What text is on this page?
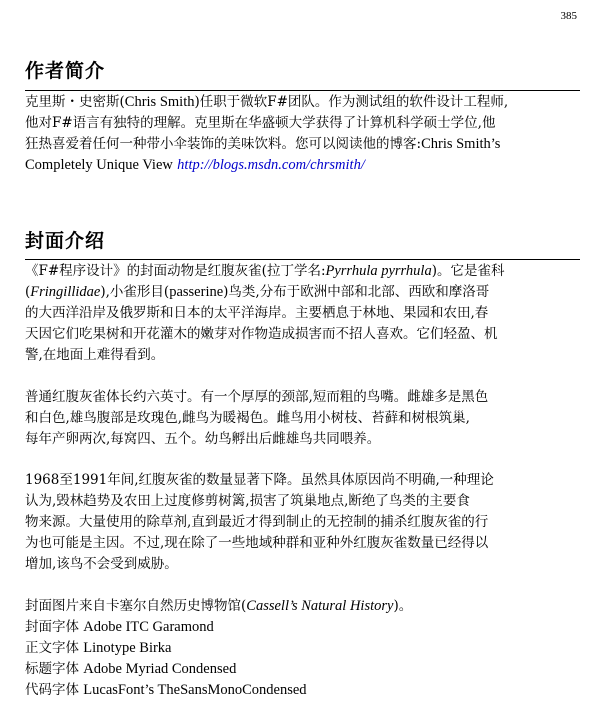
385
作者简介
克里斯・史密斯(Chris Smith)任职于微软F#团队。作为测试组的软件设计工程师,
他对F#语言有独特的理解。克里斯在华盛顿大学获得了计算机科学硕士学位,他
狂热喜爱着任何一种带小伞装饰的美味饮料。您可以阅读他的博客:Chris Smith’s
Completely Unique View http://blogs.msdn.com/chrsmith/
封面介绍
《F#程序设计》的封面动物是红腹灰雀(拉丁学名:Pyrrhula pyrrhula)。它是雀科
(Fringillidae),小雀形目(passerine)鸟类,分布于欧洲中部和北部、西欧和摩洛哥
的大西洋沿岸及俄罗斯和日本的太平洋海岸。主要栖息于林地、果园和农田,春
天因它们吃果树和开花灌木的嫩芽对作物造成损害而不招人喜欢。它们轻盈、机
警,在地面上难得看到。
普通红腹灰雀体长约六英寸。有一个厚厚的颈部,短而粗的鸟嘴。雌雄多是黑色
和白色,雄鸟腹部是玫瑰色,雌鸟为暖褐色。雌鸟用小树枝、苔藓和树根筑巢,
每年产卵两次,每窝四、五个。幼鸟孵出后雌雄鸟共同喂养。
1968至1991年间,红腹灰雀的数量显著下降。虽然具体原因尚不明确,一种理论
认为,毁林趋势及农田上过度修剪树篱,损害了筑巢地点,断绝了鸟类的主要食
物来源。大量使用的除草剂,直到最近才得到制止的无控制的捕杀红腹灰雀的行
为也可能是主因。不过,现在除了一些地域种群和亚种外红腹灰雀数量已经得以
增加,该鸟不会受到威胁。
封面图片来自卡塞尔自然历史博物馆(Cassell’s Natural History)。
封面字体 Adobe ITC Garamond
正文字体 Linotype Birka
标题字体 Adobe Myriad Condensed
代码字体 LucasFont’s TheSansMonoCondensed
